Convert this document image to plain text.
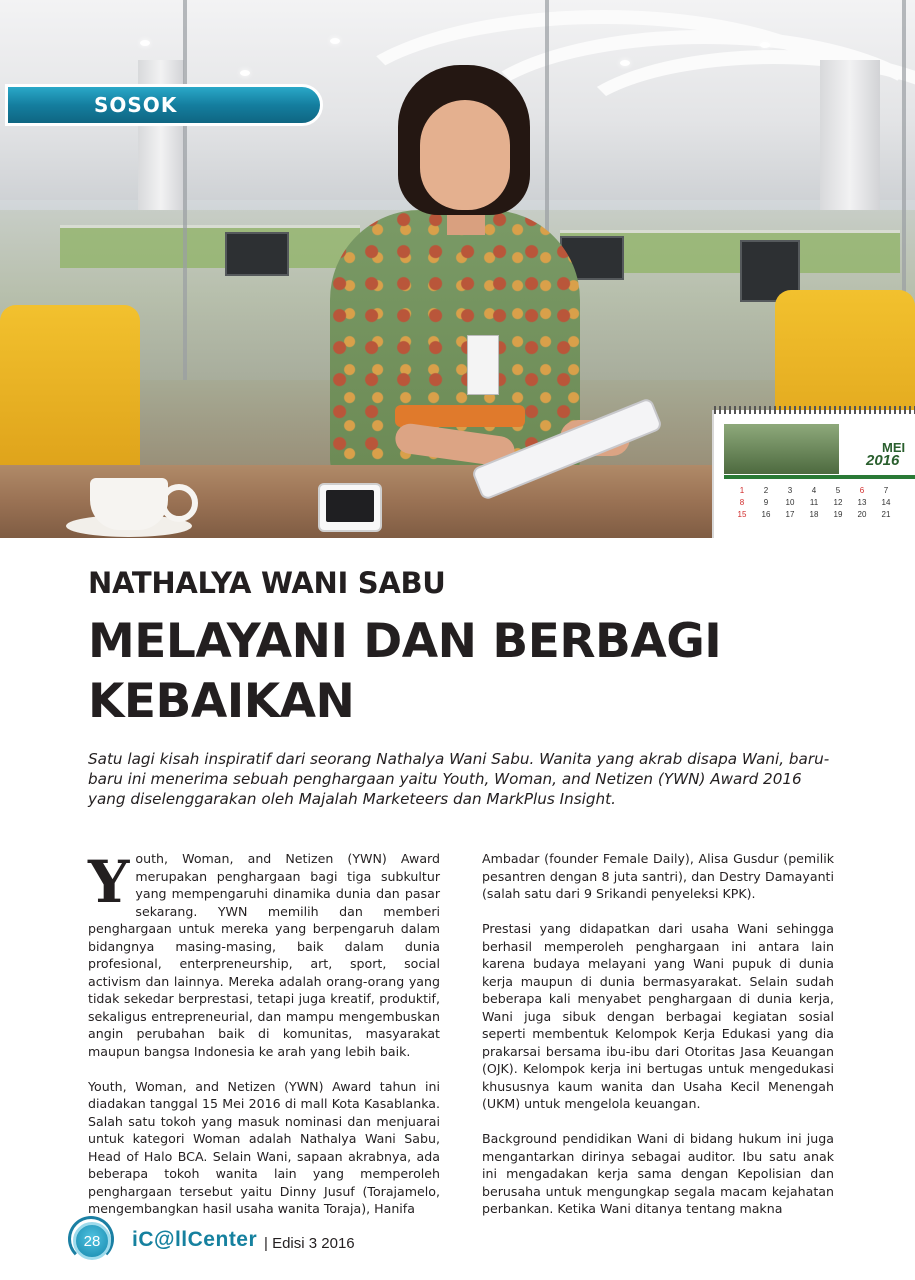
MEI
2016
1	2	3	4	5	6	7
8	9	10	11	12	13	14
15	16	17	18	19	20	21
SOSOK
NATHALYA WANI SABU
MELAYANI DAN BERBAGI KEBAIKAN
Satu lagi kisah inspiratif dari seorang Nathalya Wani Sabu. Wanita yang akrab disapa Wani, baru-baru ini menerima sebuah penghargaan yaitu Youth, Woman, and Netizen (YWN) Award 2016 yang diselenggarakan oleh Majalah Marketeers dan MarkPlus Insight.

Youth, Woman, and Netizen (YWN) Award merupakan penghargaan bagi tiga subkultur yang mempengaruhi dinamika dunia dan pasar sekarang. YWN memilih dan memberi penghargaan untuk mereka yang berpengaruh dalam bidangnya masing-masing, baik dalam dunia profesional, enterpreneurship, art, sport, social activism dan lainnya. Mereka adalah orang-orang yang tidak sekedar berprestasi, tetapi juga kreatif, produktif, sekaligus entrepreneurial, dan mampu mengembuskan angin perubahan baik di komunitas, masyarakat maupun bangsa Indonesia ke arah yang lebih baik.

Youth, Woman, and Netizen (YWN) Award tahun ini diadakan tanggal 15 Mei 2016 di mall Kota Kasablanka. Salah satu tokoh yang masuk nominasi dan menjuarai untuk kategori Woman adalah Nathalya Wani Sabu, Head of Halo BCA. Selain Wani, sapaan akrabnya, ada beberapa tokoh wanita lain yang memperoleh penghargaan tersebut yaitu Dinny Jusuf (Torajamelo, mengembangkan hasil usaha wanita Toraja), Hanifa

Ambadar (founder Female Daily), Alisa Gusdur (pemilik pesantren dengan 8 juta santri), dan Destry Damayanti (salah satu dari 9 Srikandi penyeleksi KPK).

Prestasi yang didapatkan dari usaha Wani sehingga berhasil memperoleh penghargaan ini antara lain karena budaya melayani yang Wani pupuk di dunia kerja maupun di dunia bermasyarakat. Selain sudah beberapa kali menyabet penghargaan di dunia kerja, Wani juga sibuk dengan berbagai kegiatan sosial seperti membentuk Kelompok Kerja Edukasi yang dia prakarsai bersama ibu-ibu dari Otoritas Jasa Keuangan (OJK). Kelompok kerja ini bertugas untuk mengedukasi khususnya kaum wanita dan Usaha Kecil Menengah (UKM) untuk mengelola keuangan.

Background pendidikan Wani di bidang hukum ini juga mengantarkan dirinya sebagai auditor. Ibu satu anak ini mengadakan kerja sama dengan Kepolisian dan berusaha untuk mengungkap segala macam kejahatan perbankan. Ketika Wani ditanya tentang makna

28	iC@llCenter | Edisi 3 2016
